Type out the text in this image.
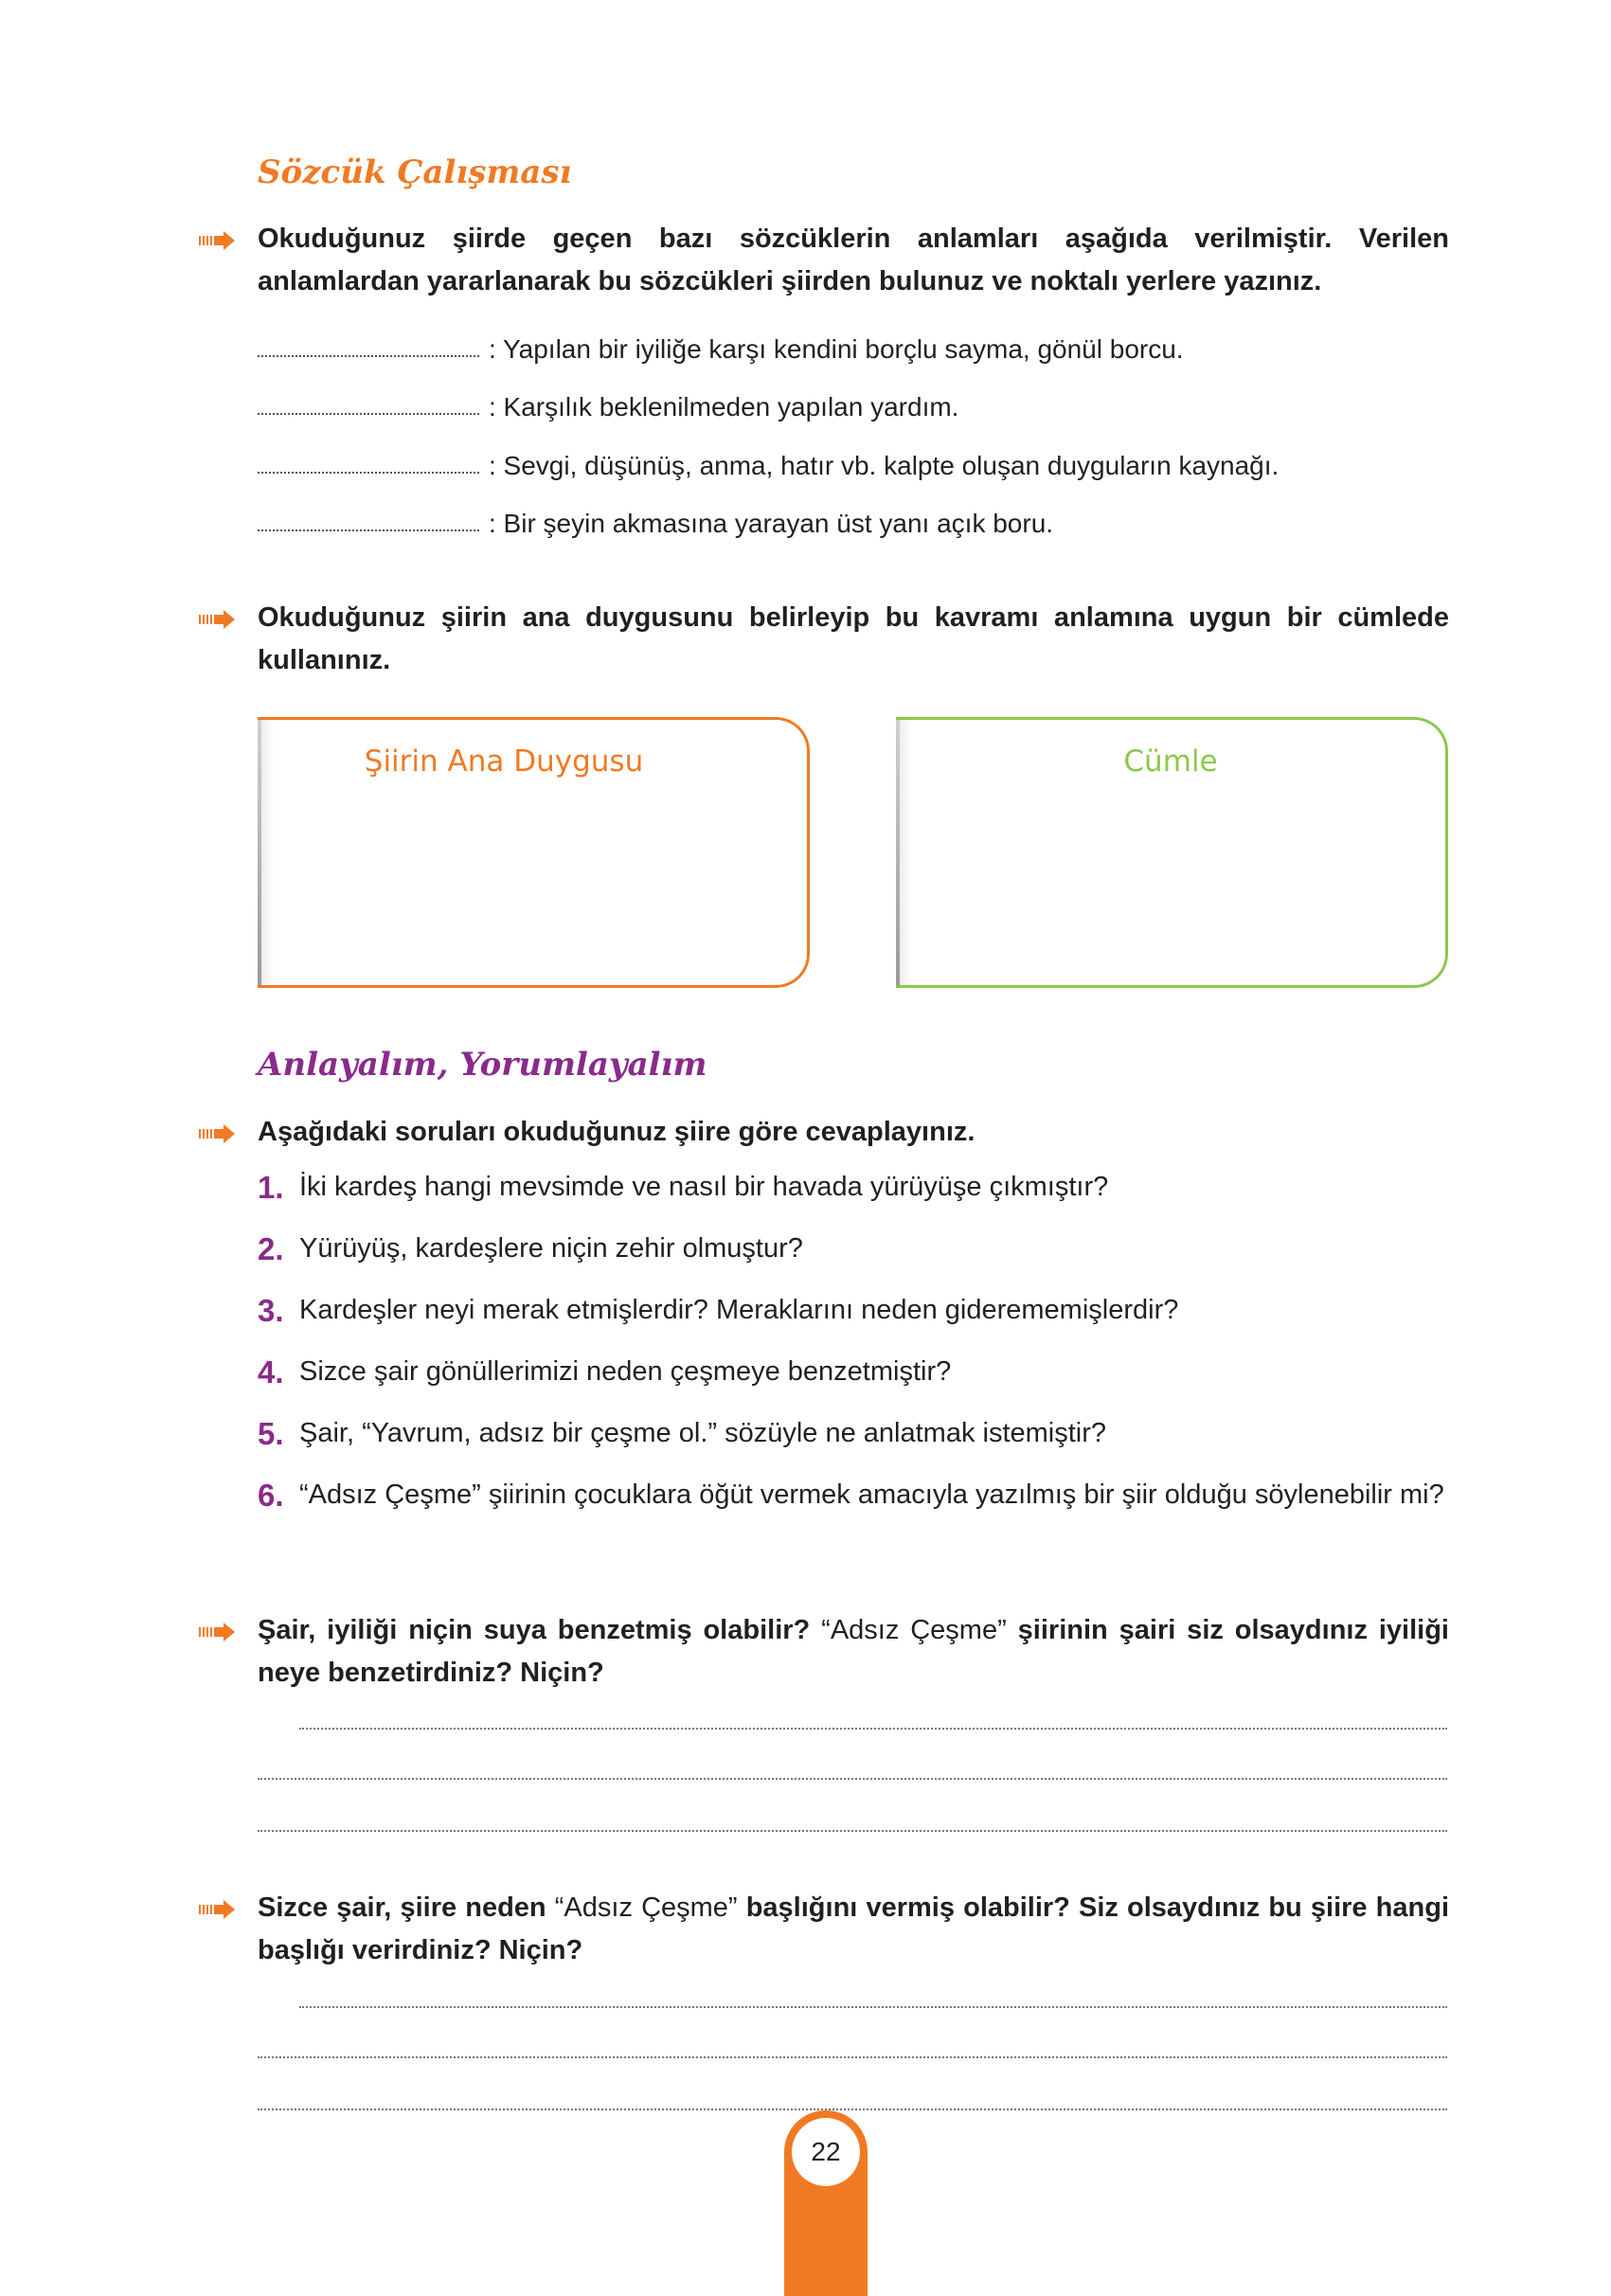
Sözcük Çalışması
Okuduğunuz şiirde geçen bazı sözcüklerin anlamları aşağıda verilmiştir. Verilen anlamlardan yararlanarak bu sözcükleri şiirden bulunuz ve noktalı yerlere yazınız.
: Yapılan bir iyiliğe karşı kendini borçlu sayma, gönül borcu.
: Karşılık beklenilmeden yapılan yardım.
: Sevgi, düşünüş, anma, hatır vb. kalpte oluşan duyguların kaynağı.
: Bir şeyin akmasına yarayan üst yanı açık boru.
Okuduğunuz şiirin ana duygusunu belirleyip bu kavramı anlamına uygun bir cümlede kullanınız.
Şiirin Ana Duygusu	Cümle
Anlayalım, Yorumlayalım
Aşağıdaki soruları okuduğunuz şiire göre cevaplayınız.
1. İki kardeş hangi mevsimde ve nasıl bir havada yürüyüşe çıkmıştır?
2. Yürüyüş, kardeşlere niçin zehir olmuştur?
3. Kardeşler neyi merak etmişlerdir? Meraklarını neden giderememişlerdir?
4. Sizce şair gönüllerimizi neden çeşmeye benzetmiştir?
5. Şair, “Yavrum, adsız bir çeşme ol.” sözüyle ne anlatmak istemiştir?
6. “Adsız Çeşme” şiirinin çocuklara öğüt vermek amacıyla yazılmış bir şiir olduğu söylenebilir mi?
Şair, iyiliği niçin suya benzetmiş olabilir? “Adsız Çeşme” şiirinin şairi siz olsaydınız iyiliği neye benzetirdiniz? Niçin?
Sizce şair, şiire neden “Adsız Çeşme” başlığını vermiş olabilir? Siz olsaydınız bu şiire hangi başlığı verirdiniz? Niçin?
22
